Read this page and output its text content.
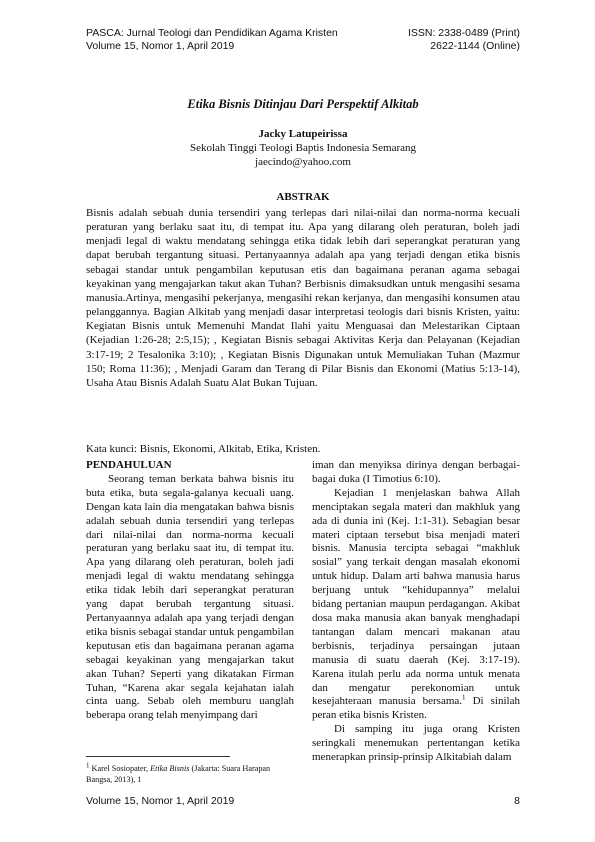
PASCA: Jurnal Teologi dan Pendidikan Agama Kristen	ISSN: 2338-0489 (Print)
Volume 15, Nomor 1, April 2019	2622-1144 (Online)
Etika Bisnis Ditinjau Dari Perspektif Alkitab
Jacky Latupeirissa
Sekolah Tinggi Teologi Baptis Indonesia Semarang
jaecindo@yahoo.com
ABSTRAK
Bisnis adalah sebuah dunia tersendiri yang terlepas dari nilai-nilai dan norma-norma kecuali peraturan yang berlaku saat itu, di tempat itu. Apa yang dilarang oleh peraturan, boleh jadi menjadi legal di waktu mendatang sehingga etika tidak lebih dari seperangkat peraturan yang dapat berubah tergantung situasi. Pertanyaannya adalah apa yang terjadi dengan etika bisnis sebagai standar untuk pengambilan keputusan etis dan bagaimana peranan agama sebagai keyakinan yang mengajarkan takut akan Tuhan? Berbisnis dimaksudkan untuk mengasihi sesama manusia.Artinya, mengasihi pekerjanya, mengasihi rekan kerjanya, dan mengasihi konsumen atau pelanggannya. Bagian Alkitab yang menjadi dasar interpretasi teologis dari bisnis Kristen, yaitu: Kegiatan Bisnis untuk Memenuhi Mandat Ilahi yaitu Menguasai dan Melestarikan Ciptaan (Kejadian 1:26-28; 2:5,15); , Kegiatan Bisnis sebagai Aktivitas Kerja dan Pelayanan (Kejadian 3:17-19; 2 Tesalonika 3:10); , Kegiatan Bisnis Digunakan untuk Memuliakan Tuhan (Mazmur 150; Roma 11:36); , Menjadi Garam dan Terang di Pilar Bisnis dan Ekonomi (Matius 5:13-14), Usaha Atau Bisnis Adalah Suatu Alat Bukan Tujuan.
Kata kunci: Bisnis, Ekonomi, Alkitab, Etika, Kristen.

PENDAHULUAN

Seorang teman berkata bahwa bisnis itu buta etika, buta segala-galanya kecuali uang. Dengan kata lain dia mengatakan bahwa bisnis adalah sebuah dunia tersendiri yang terlepas dari nilai-nilai dan norma-norma kecuali peraturan yang berlaku saat itu, di tempat itu. Apa yang dilarang oleh peraturan, boleh jadi menjadi legal di waktu mendatang sehingga etika tidak lebih dari seperangkat peraturan yang dapat berubah tergantung situasi. Pertanyaannya adalah apa yang terjadi dengan etika bisnis sebagai standar untuk pengambilan keputusan etis dan bagaimana peranan agama sebagai keyakinan yang mengajarkan takut akan Tuhan? Seperti yang dikatakan Firman Tuhan, “Karena akar segala kejahatan ialah cinta uang. Sebab oleh memburu uanglah beberapa orang telah menyimpang dari

iman dan menyiksa dirinya dengan berbagai-bagai duka (I Timotius 6:10).

Kejadian 1 menjelaskan bahwa Allah menciptakan segala materi dan makhluk yang ada di dunia ini (Kej. 1:1-31). Sebagian besar materi ciptaan tersebut bisa menjadi materi bisnis. Manusia tercipta sebagai “makhluk sosial” yang terkait dengan masalah ekonomi untuk hidup. Dalam arti bahwa manusia harus berjuang untuk “kehidupannya” melalui bidang pertanian maupun perdagangan. Akibat dosa maka manusia akan banyak menghadapi tantangan dalam mencari makanan atau berbisnis, terjadinya persaingan jutaan manusia di suatu daerah (Kej. 3:17-19). Karena itulah perlu ada norma untuk menata dan mengatur perekonomian untuk kesejahteraan manusia bersama.$^1$ Di sinilah peran etika bisnis Kristen.

Di samping itu juga orang Kristen seringkali menemukan pertentangan ketika menerapkan prinsip-prinsip Alkitabiah dalam

$^1$ Karel Sosiopater, Etika Bisnis (Jakarta: Suara Harapan Bangsa, 2013), 1
Volume 15, Nomor 1, April 2019	8
